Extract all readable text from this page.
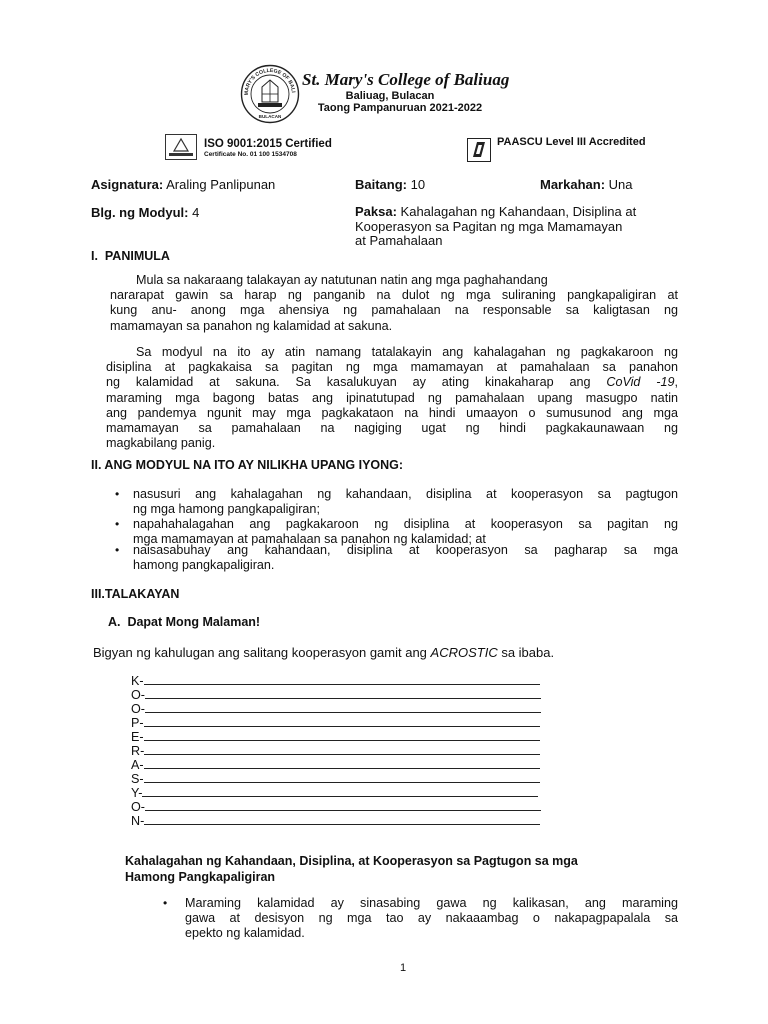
MARY'S COLLEGE OF BALI
BULACAN
St. Mary's College of Baliuag
Baliuag, Bulacan
Taong Pampanuruan 2021-2022
ISO 9001:2015 Certified
Certificate No. 01 100 1534708
PAASCU Level III Accredited
Asignatura: Araling Panlipunan	Baitang: 10	Markahan: Una
Blg. ng Modyul: 4	Paksa: Kahalagahan ng Kahandaan, Disiplina at
Kooperasyon sa Pagitan ng mga Mamamayan
at Pamahalaan
I.  PANIMULA
Mula sa nakaraang talakayan ay natutunan natin ang mga paghahandang
nararapat gawin sa harap ng panganib na dulot ng mga suliraning pangkapaligiran at
kung anu- anong mga ahensiya ng pamahalaan na responsable sa kaligtasan ng
mamamayan sa panahon ng kalamidad at sakuna.
Sa modyul na ito ay atin namang tatalakayin ang kahalagahan ng pagkakaroon ng
disiplina at pagkakaisa sa pagitan ng mga mamamayan at pamahalaan sa panahon
ng kalamidad at sakuna. Sa kasalukuyan ay ating kinakaharap ang CoVid -19,
maraming mga bagong batas ang ipinatutupad ng pamahalaan upang masugpo natin
ang pandemya ngunit may mga pagkakataon na hindi umaayon o sumusunod ang mga
mamamayan sa pamahalaan na nagiging ugat ng hindi pagkakaunawaan ng
magkabilang panig.
II. ANG MODYUL NA ITO AY NILIKHA UPANG IYONG:
•	nasusuri ang kahalagahan ng kahandaan, disiplina at kooperasyon sa pagtugon
ng mga hamong pangkapaligiran;
•	napahahalagahan ang pagkakaroon ng disiplina at kooperasyon sa pagitan ng
mga mamamayan at pamahalaan sa panahon ng kalamidad; at
•	naisasabuhay ang kahandaan, disiplina at kooperasyon sa pagharap sa mga
hamong pangkapaligiran.
III.TALAKAYAN
A.  Dapat Mong Malaman!
Bigyan ng kahulugan ang salitang kooperasyon gamit ang ACROSTIC sa ibaba.
K-
O-
O-
P-
E-
R-
A-
S-
Y-
O-
N-
Kahalagahan ng Kahandaan, Disiplina, at Kooperasyon sa Pagtugon sa mga
Hamong Pangkapaligiran
•	Maraming kalamidad ay sinasabing gawa ng kalikasan, ang maraming
gawa at desisyon ng mga tao ay nakaaambag o nakapagpapalala sa
epekto ng kalamidad.
1
